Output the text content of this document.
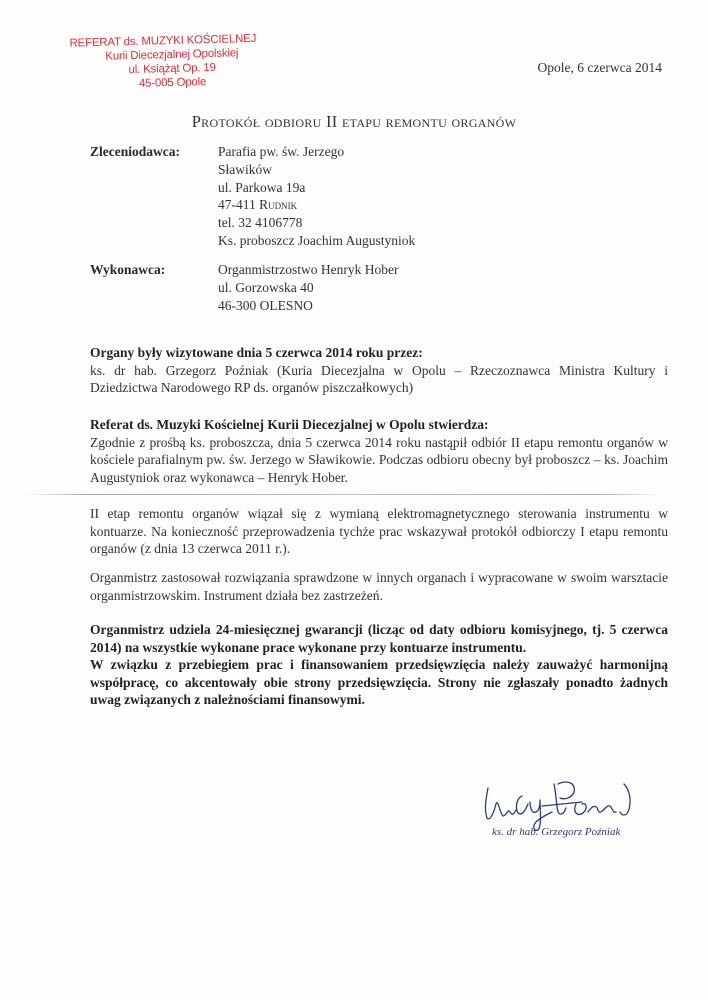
REFERAT ds. MUZYKI KOŚCIELNEJ
Kurii Diecezjalnej Opolskiej
ul. Książąt Op. 19
45-005 Opole
Opole, 6 czerwca 2014
Protokół odbioru II etapu remontu organów
Zleceniodawca:	Parafia pw. św. Jerzego
Sławików
ul. Parkowa 19a
47-411 Rudnik
tel. 32 4106778
Ks. proboszcz Joachim Augustyniok
Wykonawca:	Organmistrzostwo Henryk Hober
ul. Gorzowska 40
46-300 OLESNO
Organy były wizytowane dnia 5 czerwca 2014 roku przez:
ks. dr hab. Grzegorz Poźniak (Kuria Diecezjalna w Opolu – Rzeczoznawca Ministra Kultury i Dziedzictwa Narodowego RP ds. organów piszczałkowych)
Referat ds. Muzyki Kościelnej Kurii Diecezjalnej w Opolu stwierdza:
Zgodnie z prośbą ks. proboszcza, dnia 5 czerwca 2014 roku nastąpił odbiór II etapu remontu organów w kościele parafialnym pw. św. Jerzego w Sławikowie. Podczas odbioru obecny był proboszcz – ks. Joachim Augustyniok oraz wykonawca – Henryk Hober.
II etap remontu organów wiązał się z wymianą elektromagnetycznego sterowania instrumentu w kontuarze. Na konieczność przeprowadzenia tychże prac wskazywał protokół odbiorczy I etapu remontu organów (z dnia 13 czerwca 2011 r.).
Organmistrz zastosował rozwiązania sprawdzone w innych organach i wypracowane w swoim warsztacie organmistrzowskim. Instrument działa bez zastrzeżeń.
Organmistrz udziela 24-miesięcznej gwarancji (licząc od daty odbioru komisyjnego, tj. 5 czerwca 2014) na wszystkie wykonane prace wykonane przy kontuarze instrumentu.
W związku z przebiegiem prac i finansowaniem przedsięwzięcia należy zauważyć harmonijną współpracę, co akcentowały obie strony przedsięwzięcia. Strony nie zgłaszały ponadto żadnych uwag związanych z należnościami finansowymi.
ks. dr hab. Grzegorz Poźniak
